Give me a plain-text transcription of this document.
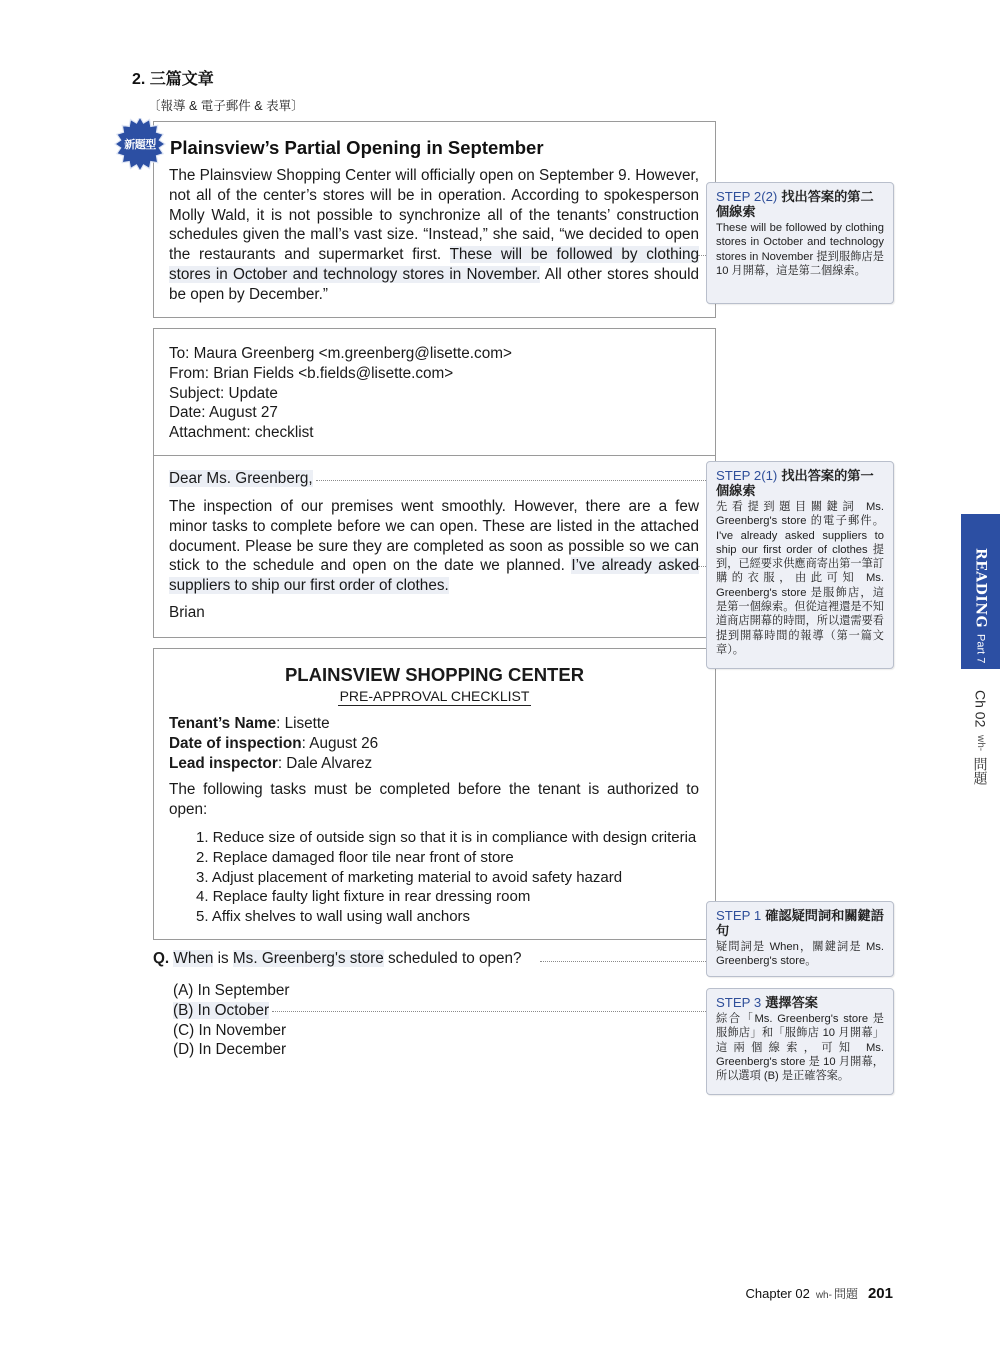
2. 三篇文章
〔報導 & 電子郵件 & 表單〕
Plainsview’s Partial Opening in September
The Plainsview Shopping Center will officially open on September 9. However, not all of the center’s stores will be in operation. According to spokesperson Molly Wald, it is not possible to synchronize all of the tenants’ construction schedules given the mall’s vast size. “Instead,” she said, “we decided to open the restaurants and supermarket first. These will be followed by clothing stores in October and technology stores in November. All other stores should be open by December.”
新題型
To: Maura Greenberg <m.greenberg@lisette.com>
From: Brian Fields <b.fields@lisette.com>
Subject: Update
Date: August 27
Attachment: checklist
Dear Ms. Greenberg,
The inspection of our premises went smoothly. However, there are a few minor tasks to complete before we can open. These are listed in the attached document. Please be sure they are completed as soon as possible so we can stick to the schedule and open on the date we planned. I’ve already asked suppliers to ship our first order of clothes.
Brian
PLAINSVIEW SHOPPING CENTER
PRE-APPROVAL CHECKLIST
Tenant’s Name: Lisette
Date of inspection: August 26
Lead inspector: Dale Alvarez
The following tasks must be completed before the tenant is authorized to open:
1. Reduce size of outside sign so that it is in compliance with design criteria
2. Replace damaged floor tile near front of store
3. Adjust placement of marketing material to avoid safety hazard
4. Replace faulty light fixture in rear dressing room
5. Affix shelves to wall using wall anchors
Q. When is Ms. Greenberg's store scheduled to open?
(A) In September
(B) In October
(C) In November
(D) In December
STEP 2(2) 找出答案的第二個線索
These will be followed by clothing stores in October and technology stores in November 提到服飾店是 10 月開幕，這是第二個線索。
STEP 2(1) 找出答案的第一個線索
先看提到題目關鍵詞 Ms. Greenberg's store 的電子郵件。I've already asked suppliers to ship our first order of clothes 提到，已經要求供應商寄出第一筆訂購的衣服，由此可知 Ms. Greenberg's store 是服飾店，這是第一個線索。但從這裡還是不知道商店開幕的時間，所以還需要看提到開幕時間的報導（第一篇文章）。
STEP 1 確認疑問詞和關鍵語句
疑問詞是 When，關鍵詞是 Ms. Greenberg's store。
STEP 3 選擇答案
綜合「Ms. Greenberg's store 是服飾店」和「服飾店 10 月開幕」這兩個線索，可知 Ms. Greenberg's store 是 10 月開幕，所以選項 (B) 是正確答案。
READING
Part 7
Ch 02
wh-
問題
Chapter 02 wh- 問題 201
